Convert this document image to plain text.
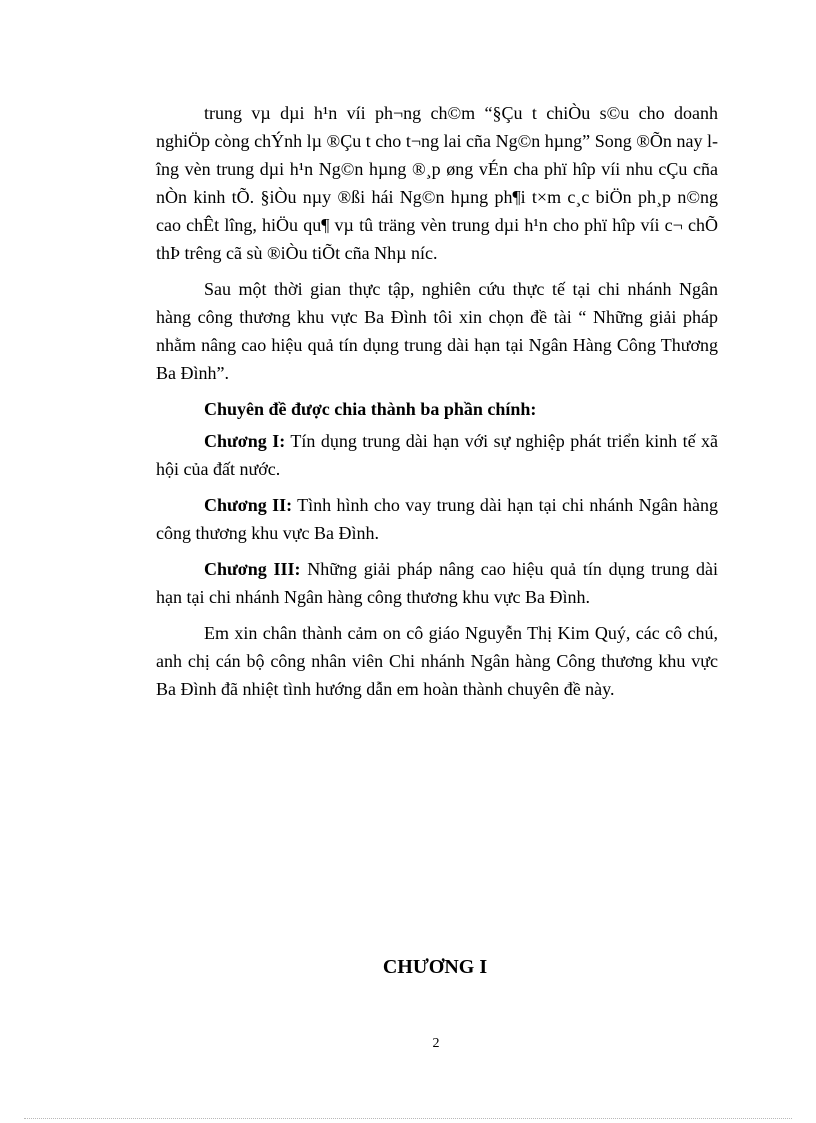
trung vµ dµi h¹n víi ph¬ng ch©m “§Çu t chiÒu s©u cho doanh nghiÖp còng chÝnh lµ ®Çu t cho t¬ng lai cña Ng©n hµng” Song ®Õn nay lîng vèn trung dµi h¹n Ng©n hµng ®¸p øng vÉn cha phï hîp víi nhu cÇu cña nÒn kinh tÕ. §iÒu nµy ®ßi hái Ng©n hµng ph¶i t×m c¸c biÖn ph¸p n©ng cao chÊt lîng, hiÖu qu¶ vµ tû träng vèn trung dµi h¹n cho phï hîp víi c¬ chÕ thÞ trêng cã sù ®iÒu tiÕt cña Nhµ níc.

Sau một thời gian thực tập, nghiên cứu thực tế tại chi nhánh Ngân hàng công thương khu vực Ba Đình tôi xin chọn đề tài “ Những giải pháp nhằm nâng cao hiệu quả tín dụng trung dài hạn tại Ngân Hàng Công Thương Ba Đình”.

Chuyên đề được chia thành ba phần chính:

Chương I: Tín dụng trung dài hạn với sự nghiệp phát triển kinh tế xã hội của đất nước.

Chương II: Tình hình cho vay trung dài hạn tại chi nhánh Ngân hàng công thương khu vực Ba Đình.

Chương III: Những giải pháp nâng cao hiệu quả tín dụng trung dài hạn tại chi nhánh Ngân hàng công thương khu vực Ba Đình.

Em xin chân thành cảm on cô giáo Nguyễn Thị Kim Quý, các cô chú, anh chị cán bộ công nhân viên Chi nhánh Ngân hàng Công thương khu vực Ba Đình đã nhiệt tình hướng dẫn em hoàn thành chuyên đề này.

CHƯƠNG I
2
